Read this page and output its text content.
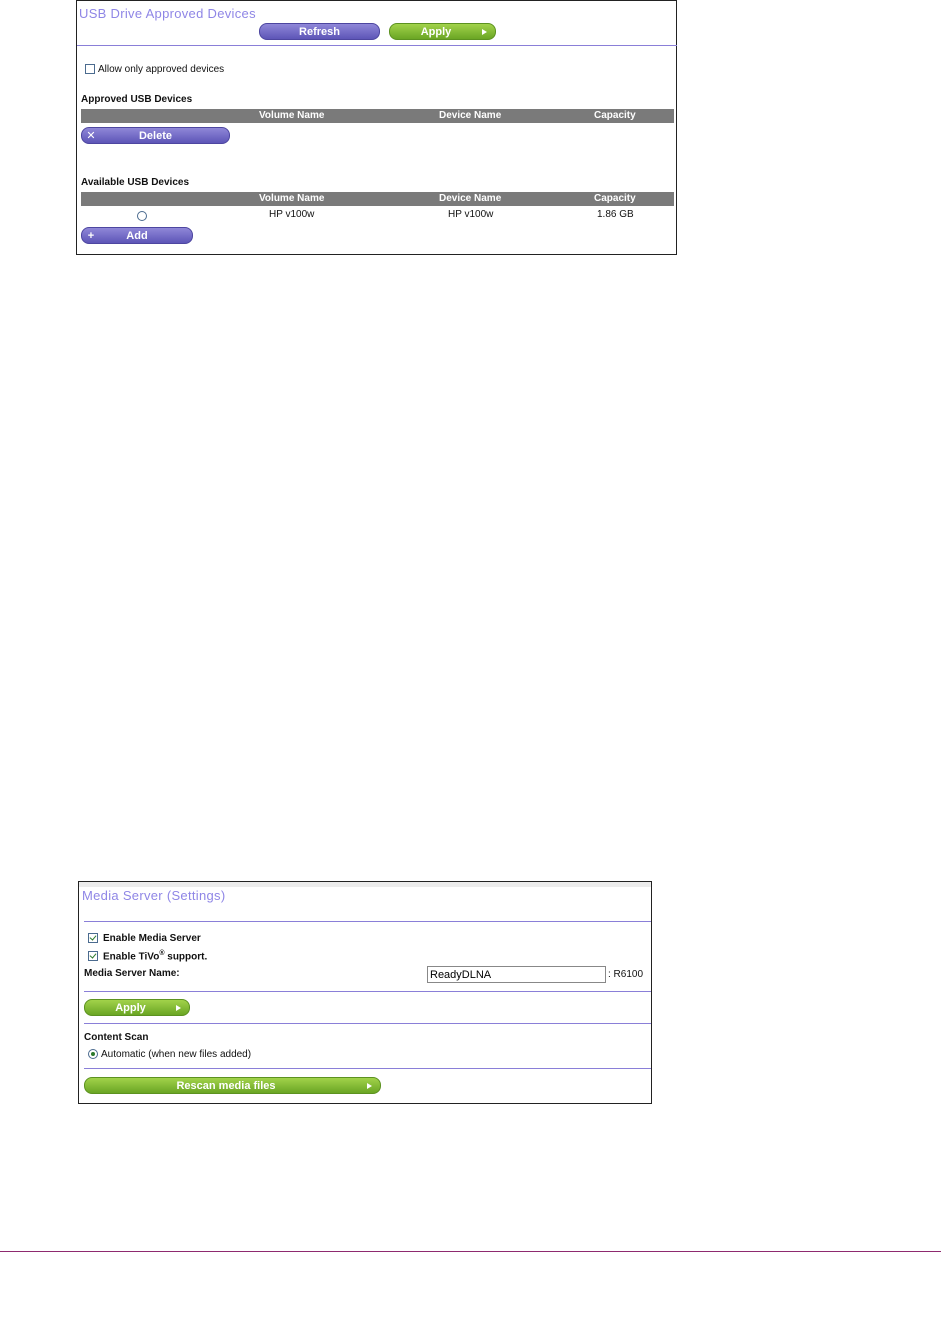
USB Drive Approved Devices
Refresh	Apply
Allow only approved devices
Approved USB Devices
Volume Name	Device Name	Capacity
✕	Delete
Available USB Devices
Volume Name	Device Name	Capacity
HP v100w	HP v100w	1.86 GB
+	Add
Media Server (Settings)
Enable Media Server
Enable TiVo® support.
Media Server Name:	ReadyDLNA	: R6100
Apply
Content Scan
Automatic (when new files added)
Rescan media files
